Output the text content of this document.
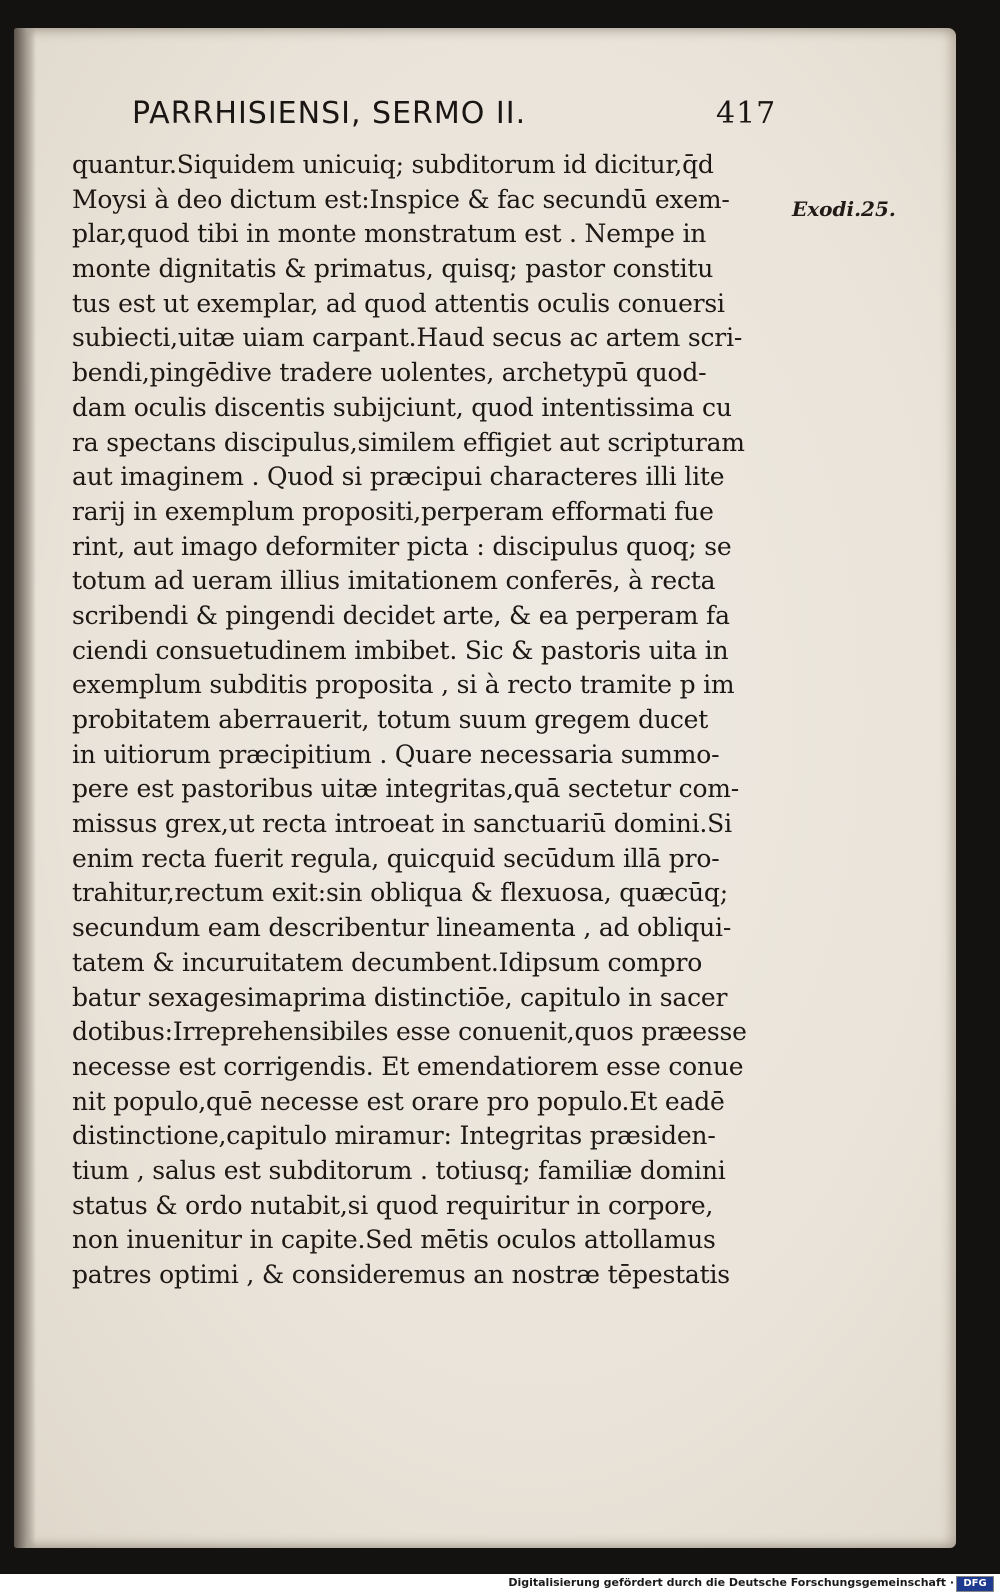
PARRHISIENSI, SERMO II.	417
Exodi.25.
quantur.Siquidem unicuiq; subditorum id dicitur,q̄d
Moysi à deo dictum est:Inspice & fac secundū exem-
plar,quod tibi in monte monstratum est . Nempe in
monte dignitatis & primatus, quisq; pastor constitu
tus est ut exemplar, ad quod attentis oculis conuersi
subiecti,uitæ uiam carpant.Haud secus ac artem scri-
bendi,pingēdive tradere uolentes, archetypū quod-
dam oculis discentis subijciunt, quod intentissima cu
ra spectans discipulus,similem effigiet aut scripturam
aut imaginem . Quod si præcipui characteres illi lite
rarij in exemplum propositi,perperam efformati fue
rint, aut imago deformiter picta : discipulus quoq; se
totum ad ueram illius imitationem conferēs, à recta
scribendi & pingendi decidet arte, & ea perperam fa
ciendi consuetudinem imbibet. Sic & pastoris uita in
exemplum subditis proposita , si à recto tramite p im
probitatem aberrauerit, totum suum gregem ducet
in uitiorum præcipitium . Quare necessaria summo-
pere est pastoribus uitæ integritas,quā sectetur com-
missus grex,ut recta introeat in sanctuariū domini.Si
enim recta fuerit regula, quicquid secūdum illā pro-
trahitur,rectum exit:sin obliqua & flexuosa, quæcūq;
secundum eam describentur lineamenta , ad obliqui-
tatem & incuruitatem decumbent.Idipsum compro
batur sexagesimaprima distinctiōe, capitulo in sacer
dotibus:Irreprehensibiles esse conuenit,quos præesse
necesse est corrigendis. Et emendatiorem esse conue
nit populo,quē necesse est orare pro populo.Et eadē
distinctione,capitulo miramur: Integritas præsiden-
tium , salus est subditorum . totiusq; familiæ domini
status & ordo nutabit,si quod requiritur in corpore,
non inuenitur in capite.Sed mētis oculos attollamus
patres optimi , & consideremus an nostræ tēpestatis
Digitalisierung gefördert durch die Deutsche Forschungsgemeinschaft · DFG
